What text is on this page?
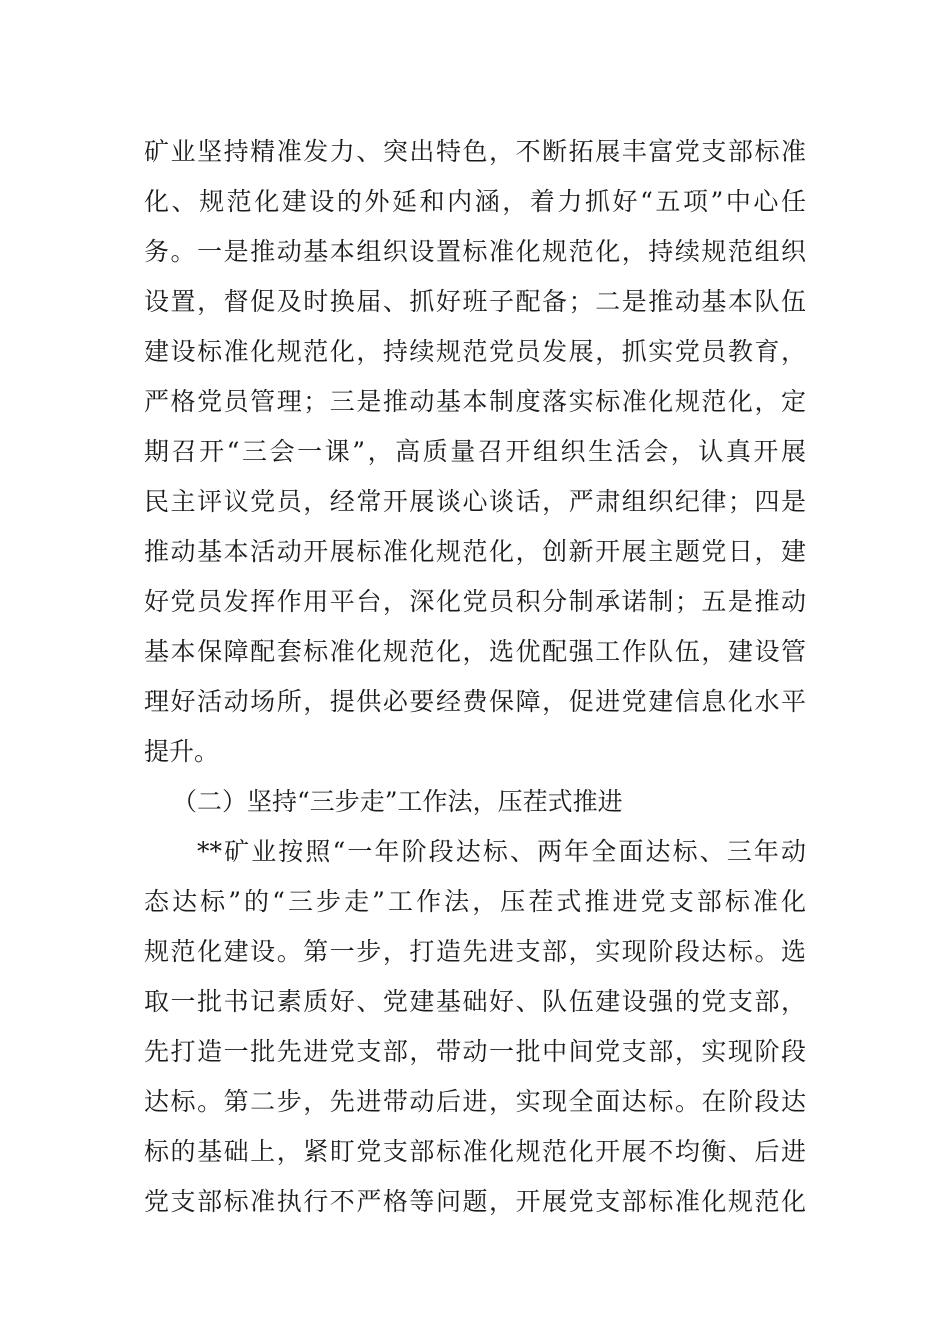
矿业坚持精准发力、突出特色，不断拓展丰富党支部标准
化、规范化建设的外延和内涵，着力抓好“五项”中心任
务。一是推动基本组织设置标准化规范化，持续规范组织
设置，督促及时换届、抓好班子配备；二是推动基本队伍
建设标准化规范化，持续规范党员发展，抓实党员教育，
严格党员管理；三是推动基本制度落实标准化规范化，定
期召开“三会一课”，高质量召开组织生活会，认真开展
民主评议党员，经常开展谈心谈话，严肃组织纪律；四是
推动基本活动开展标准化规范化，创新开展主题党日，建
好党员发挥作用平台，深化党员积分制承诺制；五是推动
基本保障配套标准化规范化，选优配强工作队伍，建设管
理好活动场所，提供必要经费保障，促进党建信息化水平
提升。
（二）坚持“三步走”工作法，压茬式推进
**矿业按照“一年阶段达标、两年全面达标、三年动
态达标”的“三步走”工作法，压茬式推进党支部标准化
规范化建设。第一步，打造先进支部，实现阶段达标。选
取一批书记素质好、党建基础好、队伍建设强的党支部，
先打造一批先进党支部，带动一批中间党支部，实现阶段
达标。第二步，先进带动后进，实现全面达标。在阶段达
标的基础上，紧盯党支部标准化规范化开展不均衡、后进
党支部标准执行不严格等问题，开展党支部标准化规范化
